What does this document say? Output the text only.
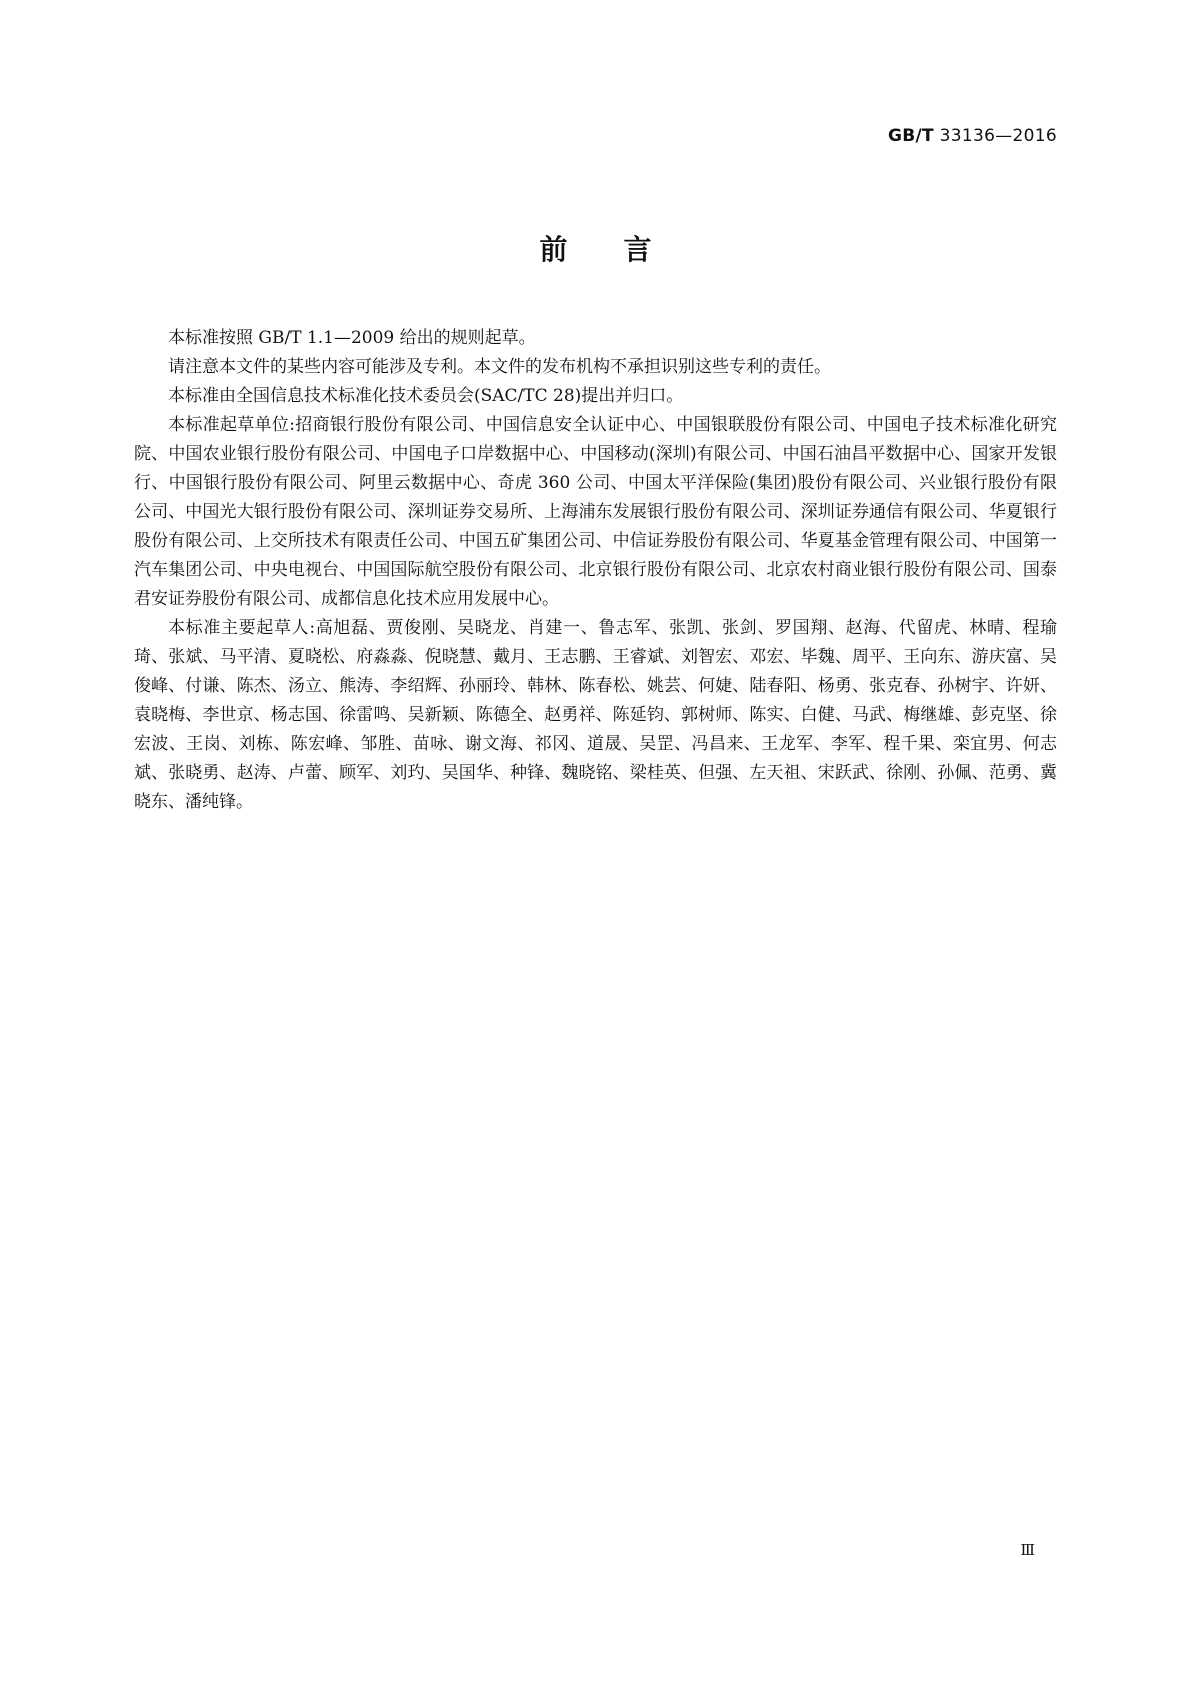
GB/T 33136—2016
前言

本标准按照 GB/T 1.1—2009 给出的规则起草。

请注意本文件的某些内容可能涉及专利。本文件的发布机构不承担识别这些专利的责任。

本标准由全国信息技术标准化技术委员会(SAC/TC 28)提出并归口。

本标准起草单位:招商银行股份有限公司、中国信息安全认证中心、中国银联股份有限公司、中国电子技术标准化研究院、中国农业银行股份有限公司、中国电子口岸数据中心、中国移动(深圳)有限公司、中国石油昌平数据中心、国家开发银行、中国银行股份有限公司、阿里云数据中心、奇虎 360 公司、中国太平洋保险(集团)股份有限公司、兴业银行股份有限公司、中国光大银行股份有限公司、深圳证券交易所、上海浦东发展银行股份有限公司、深圳证券通信有限公司、华夏银行股份有限公司、上交所技术有限责任公司、中国五矿集团公司、中信证券股份有限公司、华夏基金管理有限公司、中国第一汽车集团公司、中央电视台、中国国际航空股份有限公司、北京银行股份有限公司、北京农村商业银行股份有限公司、国泰君安证券股份有限公司、成都信息化技术应用发展中心。

本标准主要起草人:高旭磊、贾俊刚、吴晓龙、肖建一、鲁志军、张凯、张剑、罗国翔、赵海、代留虎、林晴、程瑜琦、张斌、马平清、夏晓松、府淼淼、倪晓慧、戴月、王志鹏、王睿斌、刘智宏、邓宏、毕魏、周平、王向东、游庆富、吴俊峰、付谦、陈杰、汤立、熊涛、李绍辉、孙丽玲、韩林、陈春松、姚芸、何婕、陆春阳、杨勇、张克春、孙树宇、许妍、袁晓梅、李世京、杨志国、徐雷鸣、吴新颖、陈德全、赵勇祥、陈延钧、郭树师、陈实、白健、马武、梅继雄、彭克坚、徐宏波、王岗、刘栋、陈宏峰、邹胜、苗咏、谢文海、祁冈、道晟、吴罡、冯昌来、王龙军、李军、程千果、栾宜男、何志斌、张晓勇、赵涛、卢蕾、顾军、刘玓、吴国华、种锋、魏晓铭、梁桂英、但强、左天祖、宋跃武、徐刚、孙佩、范勇、冀晓东、潘纯锋。

Ⅲ
